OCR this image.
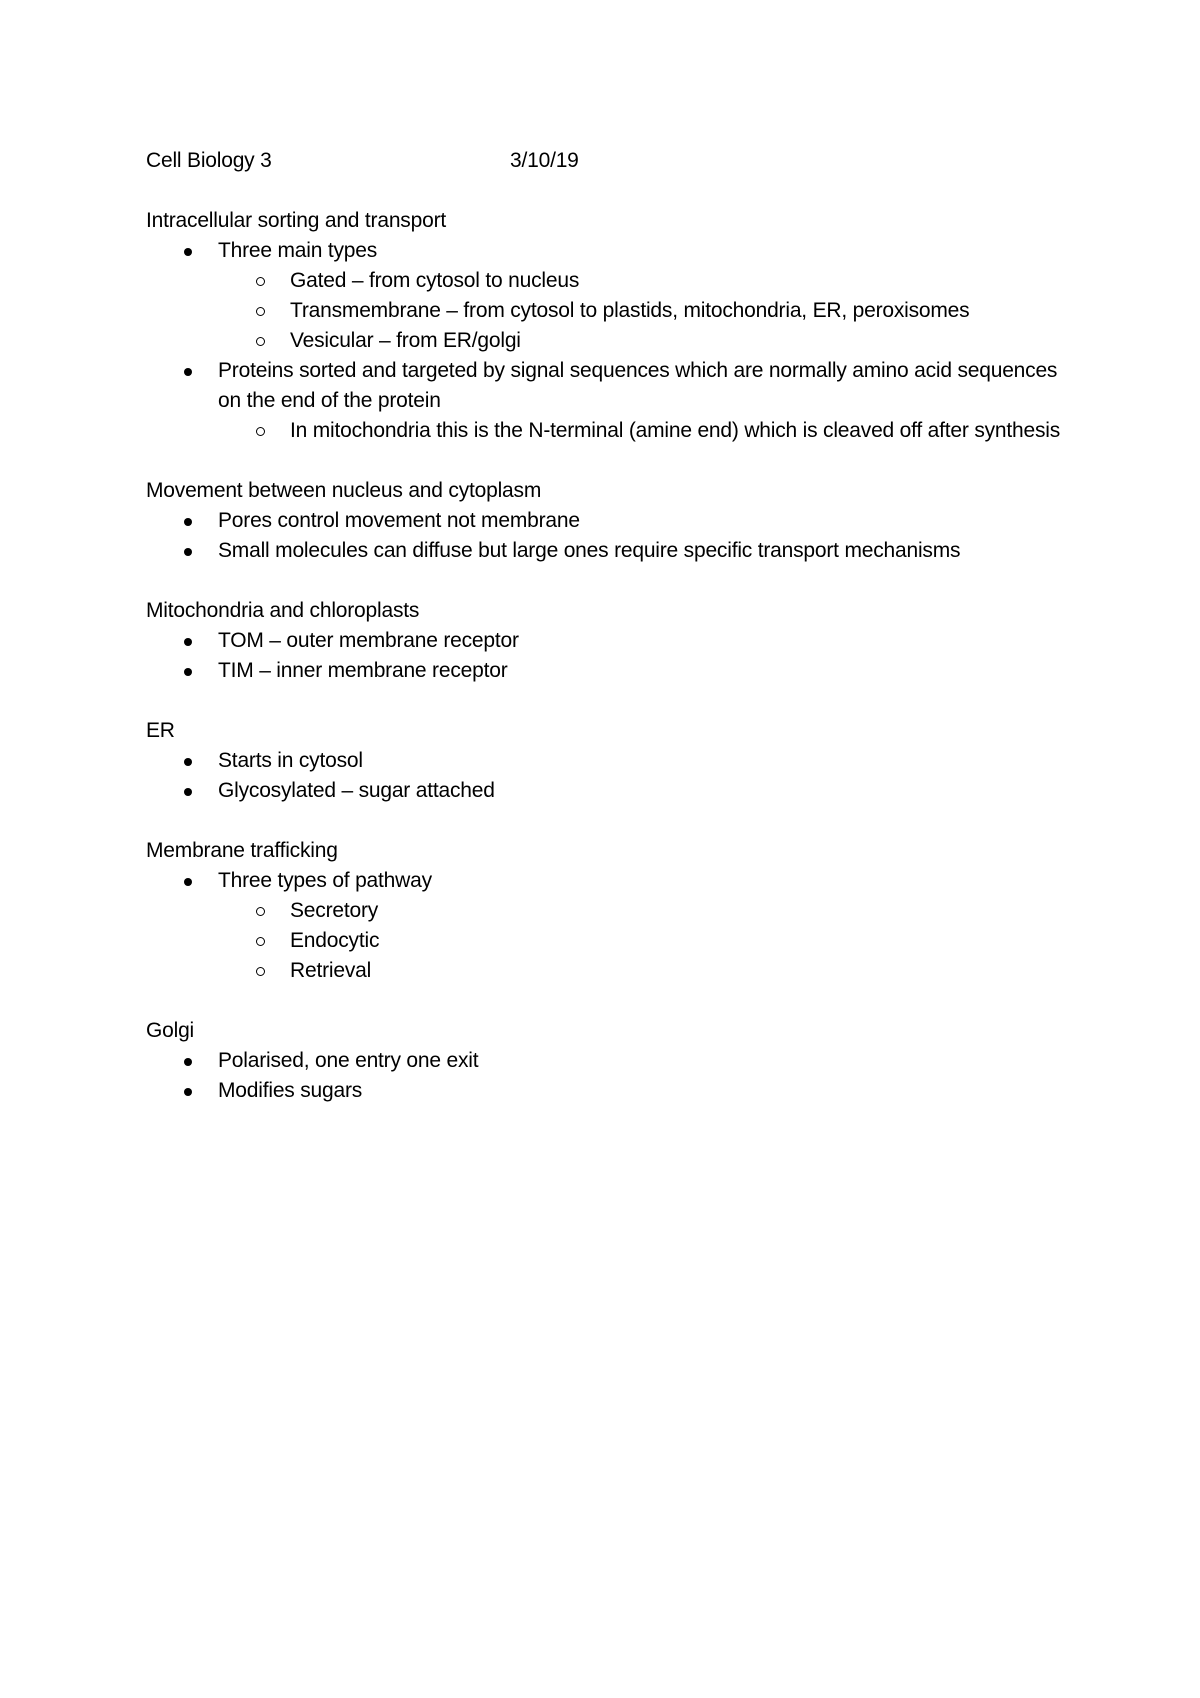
Cell Biology 3	3/10/19
Intracellular sorting and transport
Three main types
Gated – from cytosol to nucleus
Transmembrane – from cytosol to plastids, mitochondria, ER, peroxisomes
Vesicular – from ER/golgi
Proteins sorted and targeted by signal sequences which are normally amino acid sequences on the end of the protein
In mitochondria this is the N-terminal (amine end) which is cleaved off after synthesis
Movement between nucleus and cytoplasm
Pores control movement not membrane
Small molecules can diffuse but large ones require specific transport mechanisms
Mitochondria and chloroplasts
TOM – outer membrane receptor
TIM – inner membrane receptor
ER
Starts in cytosol
Glycosylated – sugar attached
Membrane trafficking
Three types of pathway
Secretory
Endocytic
Retrieval
Golgi
Polarised, one entry one exit
Modifies sugars
